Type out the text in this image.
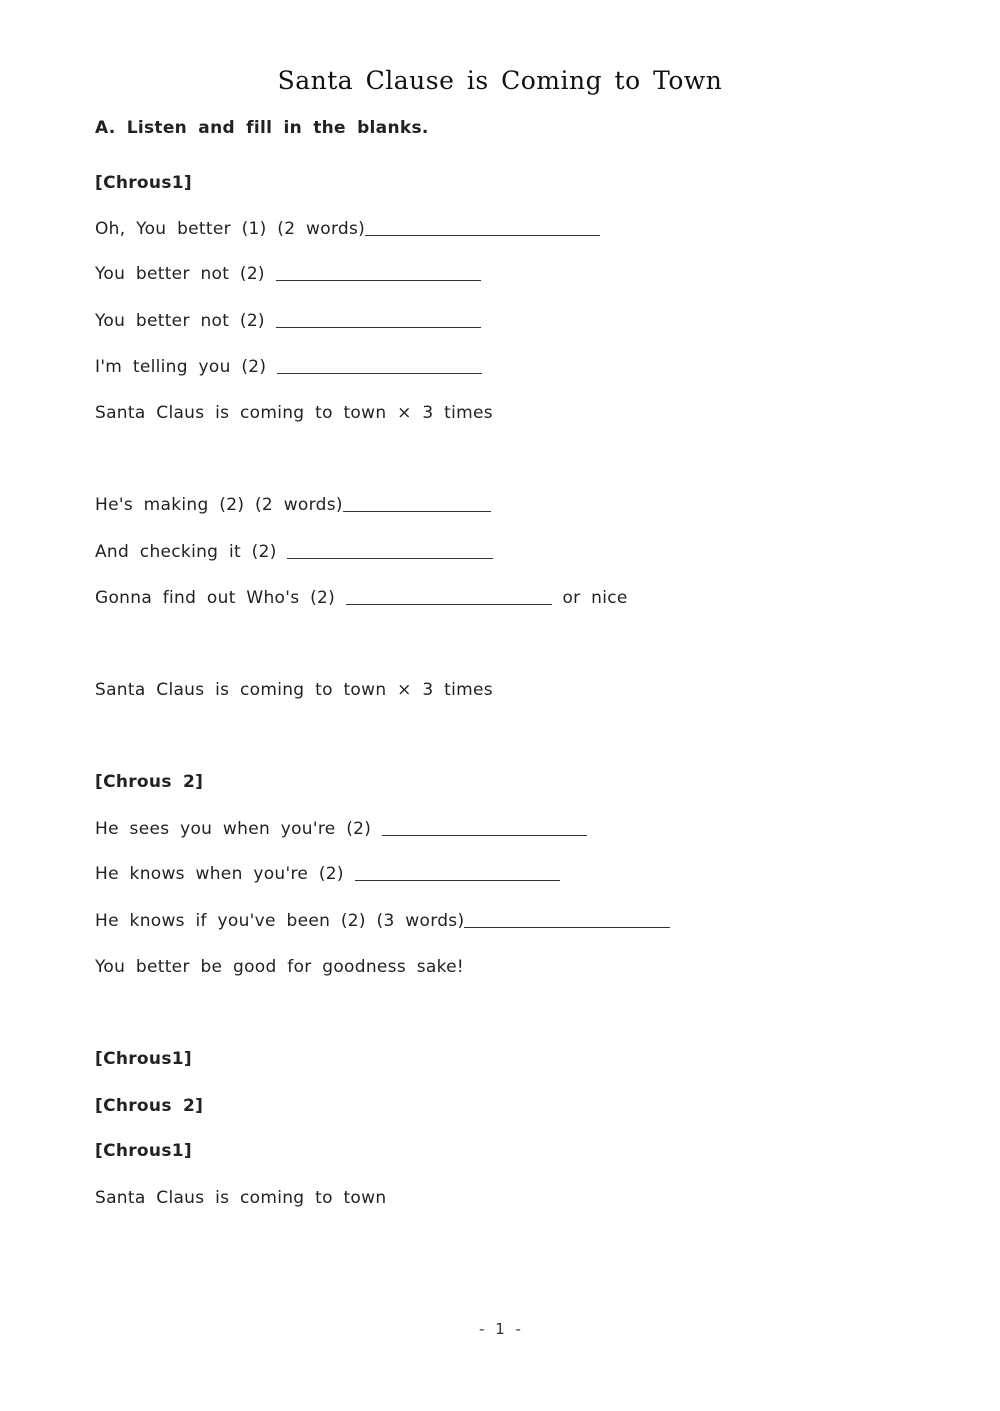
Santa Clause is Coming to Town
A. Listen and fill in the blanks.
[Chrous1]
Oh, You better (1) (2 words)
You better not (2)
You better not (2)
I'm telling you (2)
Santa Claus is coming to town × 3 times
He's making (2) (2 words)
And checking it (2)
Gonna find out Who's (2)	or nice
Santa Claus is coming to town × 3 times
[Chrous 2]
He sees you when you're (2)
He knows when you're (2)
He knows if you've been (2) (3 words)
You better be good for goodness sake!
[Chrous1]
[Chrous 2]
[Chrous1]
Santa Claus is coming to town
- 1 -
